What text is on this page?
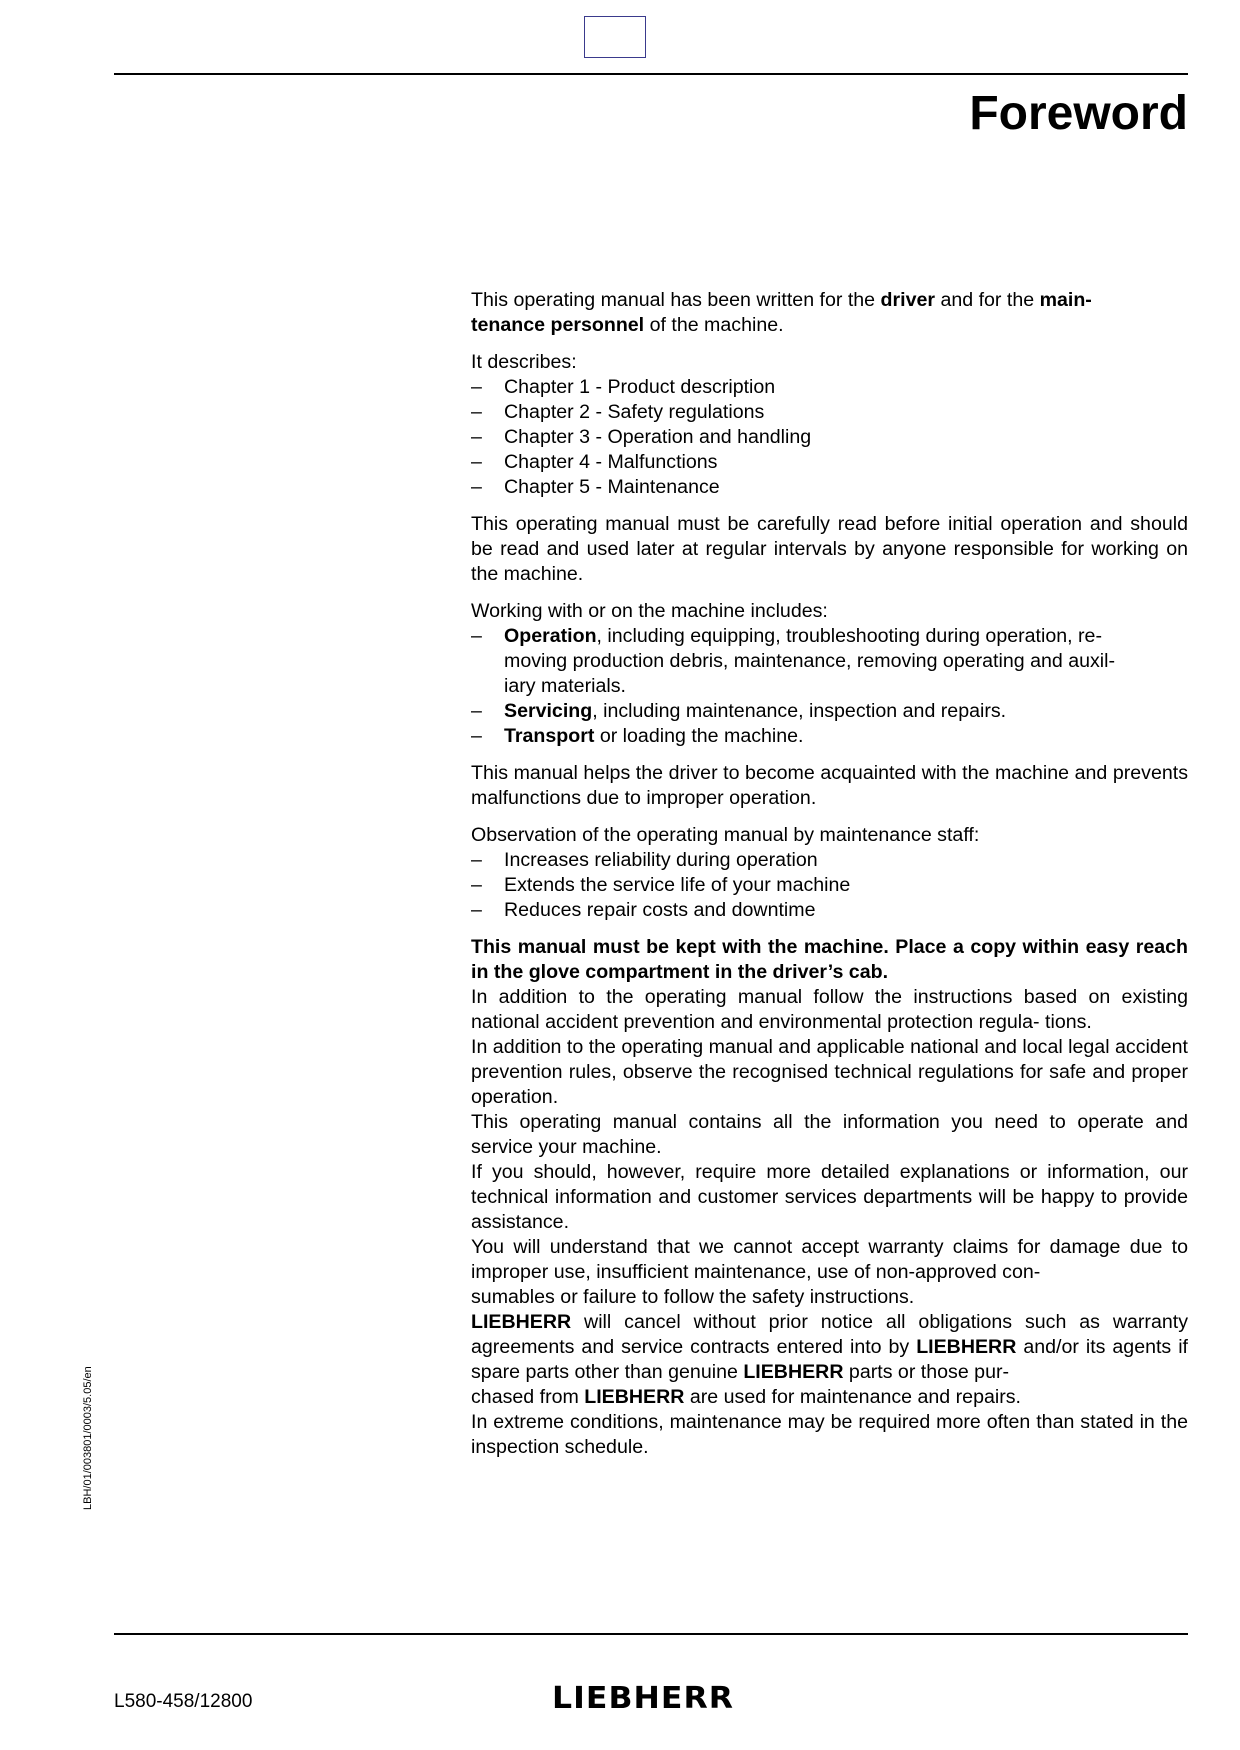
Foreword
LBH/01/003801/0003/5.05/en

This operating manual has been written for the driver and for the main-
tenance personnel of the machine.

It describes:

– Chapter 1 - Product description
– Chapter 2 - Safety regulations
– Chapter 3 - Operation and handling
– Chapter 4 - Malfunctions
– Chapter 5 - Maintenance

This operating manual must be carefully read before initial operation and should be read and used later at regular intervals by anyone responsible for working on the machine.

Working with or on the machine includes:

– Operation, including equipping, troubleshooting during operation, re-
moving production debris, maintenance, removing operating and auxil-
iary materials.
– Servicing, including maintenance, inspection and repairs.
– Transport or loading the machine.

This manual helps the driver to become acquainted with the machine and prevents malfunctions due to improper operation.

Observation of the operating manual by maintenance staff:

– Increases reliability during operation
– Extends the service life of your machine
– Reduces repair costs and downtime

This manual must be kept with the machine. Place a copy within easy reach in the glove compartment in the driver’s cab.

In addition to the operating manual follow the instructions based on existing national accident prevention and environmental protection regula- tions.

In addition to the operating manual and applicable national and local legal accident prevention rules, observe the recognised technical regulations for safe and proper operation.

This operating manual contains all the information you need to operate and service your machine.

If you should, however, require more detailed explanations or information, our technical information and customer services departments will be happy to provide assistance.

You will understand that we cannot accept warranty claims for damage due to improper use, insufficient maintenance, use of non-approved con-
sumables or failure to follow the safety instructions.

LIEBHERR will cancel without prior notice all obligations such as warranty agreements and service contracts entered into by LIEBHERR and/or its agents if spare parts other than genuine LIEBHERR parts or those pur-
chased from LIEBHERR are used for maintenance and repairs.

In extreme conditions, maintenance may be required more often than stated in the inspection schedule.

L580-458/12800	LIEBHERR
